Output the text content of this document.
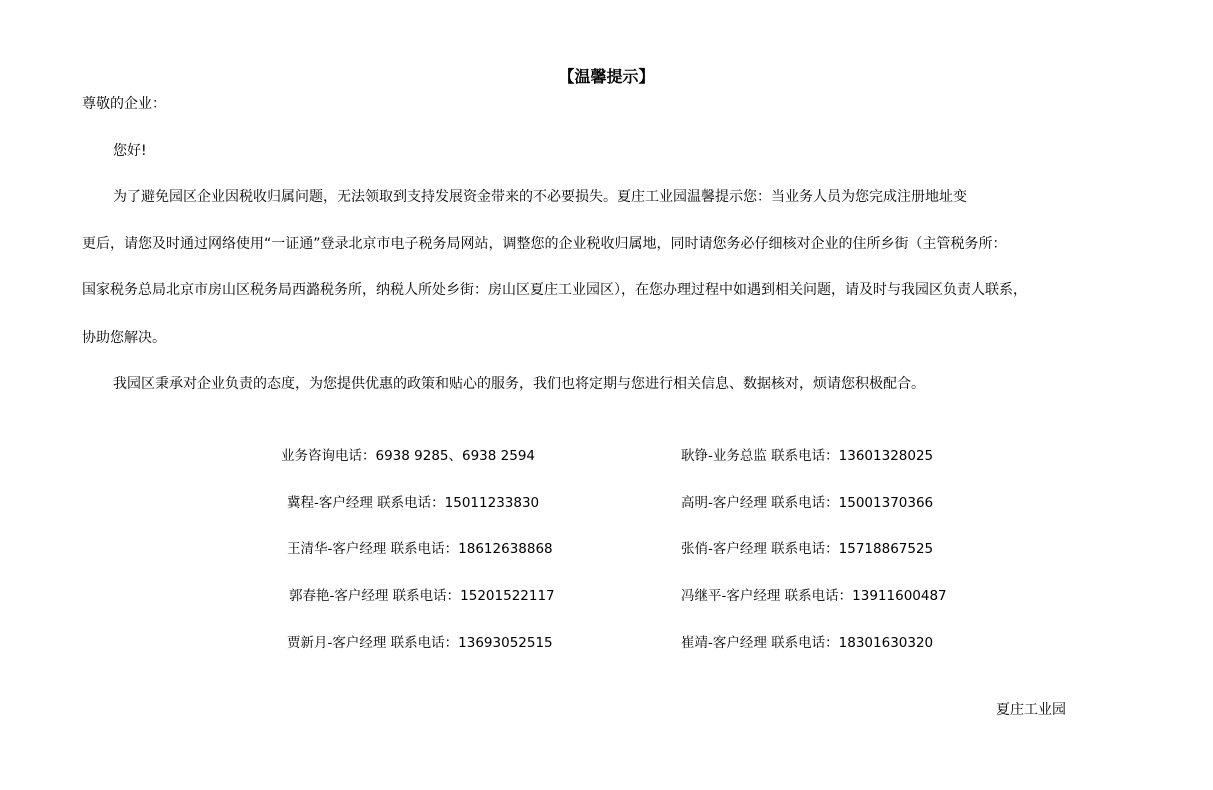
【温馨提示】
尊敬的企业：
您好!
为了避免园区企业因税收归属问题，无法领取到支持发展资金带来的不必要损失。夏庄工业园温馨提示您：当业务人员为您完成注册地址变
更后，请您及时通过网络使用“一证通”登录北京市电子税务局网站，调整您的企业税收归属地，同时请您务必仔细核对企业的住所乡街（主管税务所：
国家税务总局北京市房山区税务局西潞税务所，纳税人所处乡街：房山区夏庄工业园区），在您办理过程中如遇到相关问题，请及时与我园区负责人联系，
协助您解决。
我园区秉承对企业负责的态度，为您提供优惠的政策和贴心的服务，我们也将定期与您进行相关信息、数据核对，烦请您积极配合。
业务咨询电话：6938 9285、6938 2594
冀程-客户经理 联系电话：15011233830
王清华-客户经理 联系电话：18612638868
郭春艳-客户经理 联系电话：15201522117
贾新月-客户经理 联系电话：13693052515
耿铮-业务总监 联系电话：13601328025
高明-客户经理 联系电话：15001370366
张俏-客户经理 联系电话：15718867525
冯继平-客户经理 联系电话：13911600487
崔靖-客户经理 联系电话：18301630320
夏庄工业园
